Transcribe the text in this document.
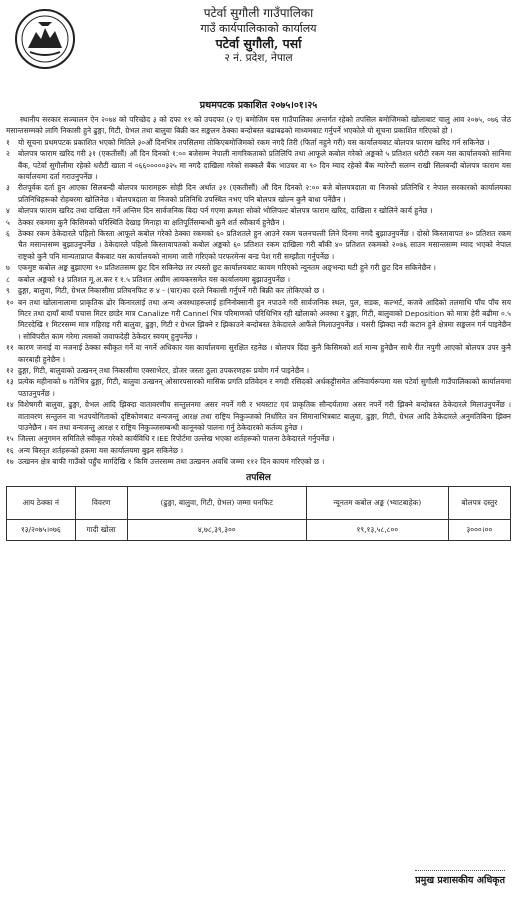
पटेर्वा सुगौली गाउँपालिका
गाउँ कार्यपालिकाको कार्यालय
पटेर्वा सुगौली, पर्सा
२ नं. प्रदेश, नेपाल
प्रथमपटक प्रकाशित २०७५।०१।२५

स्थानीय सरकार सञ्चालन ऐन २०७४ को परिच्छेद ३ को दफा ११ को उपदफा (२ ए) बमोजिम यस गाउँपालिका अन्तर्गत रहेको तपसिल बमोजिमको खोलाबाट चालु आव २०७५, ०७६ जेठ मसान्तसम्मको लागि निकासी हुने ढुङ्गा, गिटी, ग्रेभल तथा बालुवा बिक्री कर सङ्कलन ठेक्का बन्दोबस्त बढाबढको माध्यमबाट गर्नुपर्ने भएकोले यो सूचना प्रकाशित गरिएको हो ।

१	यो सूचना प्रथमपटक प्रकाशित भएको मितिले ३०औं दिनभित्र तपसिलमा तोकिएबमोजिमको रकम नगदै तिरी (फिर्ता नहुने गरी) यस कार्यालयबाट बोलपत्र फाराम खरिद गर्न सकिनेछ ।
२	बोलपत्र फाराम खरिद गरी ३१ (एकतीसौं) औं दिन दिनको १:०० बजेसम्म नेपाली नागरिकताको प्रतिलिपि तथा आफूले कबोल गरेको अङ्कको ५ प्रतिशत धरौटी रकम यस कार्यालयको सानिमा बैंक, पटेर्वा सुगौलीमा रहेको धरौटी खाता नं ०६६०००००३२५ मा नगदै दाखिला गरेको सक्कलै बैंक भाउचर वा ९० दिन म्याद रहेको बैंक ग्यारेन्टी सलग्न राखी सिलबन्दी बोलपत्र फाराम यस कार्यालयमा दर्ता गराउनुपर्नेछ ।
३	रीतपूर्वक दर्ता हुन आएका सिलबन्दी बोलपत्र फारामहरू सोही दिन अर्थात ३१ (एकतीसौं) औं दिन दिनको २:०० बजे बोलपत्रदाता वा निजको प्रतिनिधि र नेपाल सरकारको कार्यालयका प्रतिनिधिहरूको रोहबरमा खोलिनेछ । बोलपत्रदाता वा निजको प्रतिनिधि उपस्थित नभए पनि बोलपत्र खोल्न कुनै बाधा पर्नेछैन ।
४	बोलपत्र फाराम खरिद तथा दाखिला गर्ने अन्तिम दिन सार्वजनिक बिदा पर्न गएमा क्रमशः सोको भोलिपल्ट बोलपत्र फाराम खरिद, दाखिला र खोलिने कार्य हुनेछ ।
५	ठेक्का रकममा कुनै किसिमको परिस्थिति देखाइ मिनाहा वा क्षतिपूर्तिसम्बन्धी कुनै शर्त स्वीकार्य हुनेछैन ।
६	ठेक्का रकम ठेकेदारले पहिलो किस्ता आफूले कबोल गरेको ठेक्का रकमको ६० प्रतिशतले हुन आउने रकम चलनचल्ती लिने दिनमा नगदै बुझाउनुपर्नेछ । दोस्रो किस्तावापत ४० प्रतिशत रकम चैत मसान्तसम्म बुझाउनुपर्नेछ । ठेकेदारले पहिलो किस्तावापतको कबोल अङ्कको ६० प्रतिशत रकम दाखिला गरी बाँकी ४० प्रतिशत रकमको २०७६ साउन मसान्तसम्म म्याद भएको नेपाल राष्ट्रको कुनै पनि मान्यताप्राप्त बैंकबाट यस कार्यालयको नाममा जारी गरिएको परफरमेन्स बन्ड पेश गरी सम्झौता गर्नुपर्नेछ ।
७	एकमुष्ट कबोल अङ्क बुझाएमा १० प्रतिशतसम्म छुट दिन सकिनेछ तर त्यस्तो छुट कार्यालयबाट कायम गरिएको न्यूनतम अङ्भन्दा घटी हुने गरी छुट दिन सकिनेछैन ।
८	कबोल अङ्कको १३ प्रतिशत मू.अ.कर र १.५ प्रतिशत अग्रीम आयकरसमेत यस कार्यालयमा बुझाउनुपर्नेछ ।
९	ढुङ्गा, बालुवा, गिटी, ग्रेभल निकासीमा प्रतिघनफिट रु ४ - (चार)का दरले निकासी गर्नुपर्ने गरी बिक्री कर तोकिएको छ ।
१० बन तथा खोलानालामा प्राकृतिक ढोर किनारलाई तथा अन्य अवस्थाहरूलाई हानिनोक्सानी हुन नपाउने गरी सार्वजनिक स्थल, पुल, सडक, कल्भर्ट, कजवे आदिको तलमाथि पाँच पाँच सय मिटर तथा दायाँ बायाँ पचास मिटर छाडेर मात्र Canalize गरी Cannel भित्र परिमाणको परिधिभित्र रही खोलाको अवस्था र ढुङ्गा, गिटी, बालुवाको Deposition को मात्रा हेरी बढीमा ०.५ मिटरदेखि १ मिटरसम्म मात्र गहिराइ गरी बालुवा, ढुङ्गा, गिटी र ग्रेभल झिक्ने र झिकाउने बन्दोबस्त ठेकेदारले आफैंले मिलाउनुपर्नेछ । यसरी झिक्दा नदी कटान हुने क्षेत्रमा सङ्कलन गर्न पाइनेछैन । सोविपरीत काम गरेमा त्यसको जवाफदेही ठेकेदार स्वयम् हुनुपर्नेछ ।
११ कारण जनाई वा नजनाई ठेक्का स्वीकृत गर्ने वा नगर्ने अधिकार यस कार्यालयमा सुरक्षित रहनेछ । बोलपत्र दिंदा कुनै किसिमको शर्त मान्य हुनेछैन साथै रीत नपुगी आएको बोलपत्र उपर कुनै कारबाही हुनेछैन ।
१२ ढुङ्गा, गिटी, बालुवाको उत्खनन् तथा निकासीमा एक्साभेटर, डोजर जस्ता ठूला उपकरणहरू प्रयोग गर्न पाइनेछैन ।
१३ प्रत्येक महीनाको ७ गतेभित्र ढुङ्गा, गिटी, बालुवा उत्खनन् ओसारपसारको मासिक प्रगति प्रतिवेदन र नगदी रसिदको अर्धकट्टीसमेत अनिवार्यरूपमा यस पटेर्वा सुगौली गाउँपालिकाको कार्यालयमा पठाउनुपर्नेछ ।
१४ विशेषगरी बालुवा, ढुङ्गा, ग्रेभल आदि झिक्दा वातावरणीय सन्तुलनमा असर नपर्ने गरी र भयस्टाट एवं प्राकृतिक सौन्दर्यतामा असर नपर्ने गरी झिक्ने बन्दोबस्त ठेकेदारले मिलाउनुपर्नेछ । वातावरण सन्तुलन वा भउपयोगिताको दृष्टिकोणबाट वन्यजन्तु आरक्ष तथा राष्ट्रिय निकुञ्जको निर्धारित वन सिमानाभित्रबाट बालुवा, ढुङ्गा, गिटी, ग्रेभल आदि ठेकेदारले अनुमतिबिना झिक्न पाउनेछैन । वन तथा वन्यजन्तु आरक्ष र राष्ट्रिय निकुञ्जसम्बन्धी कानूनको पालना गर्नु ठेकेदारको कर्तव्य हुनेछ ।
१५ जिल्ला अनुगमन समितिले स्वीकृत गरेको कार्यविधि र IEE रिपोर्टमा उल्लेख भएका शर्तहरूको पालना ठेकेदारले गर्नुपर्नेछ ।
१६ अन्य बिस्तृत शर्तहरूको हकमा यस कार्यालयमा बुझ्न सकिनेछ ।
१७ उत्खनन क्षेत्र बाफी गाउँको पहुँच मार्गदेखि १ किमि उत्तरसम्म तथा उत्खनन अवधि जम्मा ११२ दिन कायम गरिएको छ ।
तपसिल
आय ठेक्का नं	विवरण	(ढुङ्गा, बालुवा, गिटी, ग्रेभल) जम्मा घनफिट	न्यूनतम कबोल अङ्क (भ्याटबाहेक)	बोलपत्र दस्तुर
१३/२०७५।०७६	गादी खोला	४,७८,३९,३००	१९,१३,५८,८००	३०००।००
प्रमुख प्रशासकीय अधिकृत
